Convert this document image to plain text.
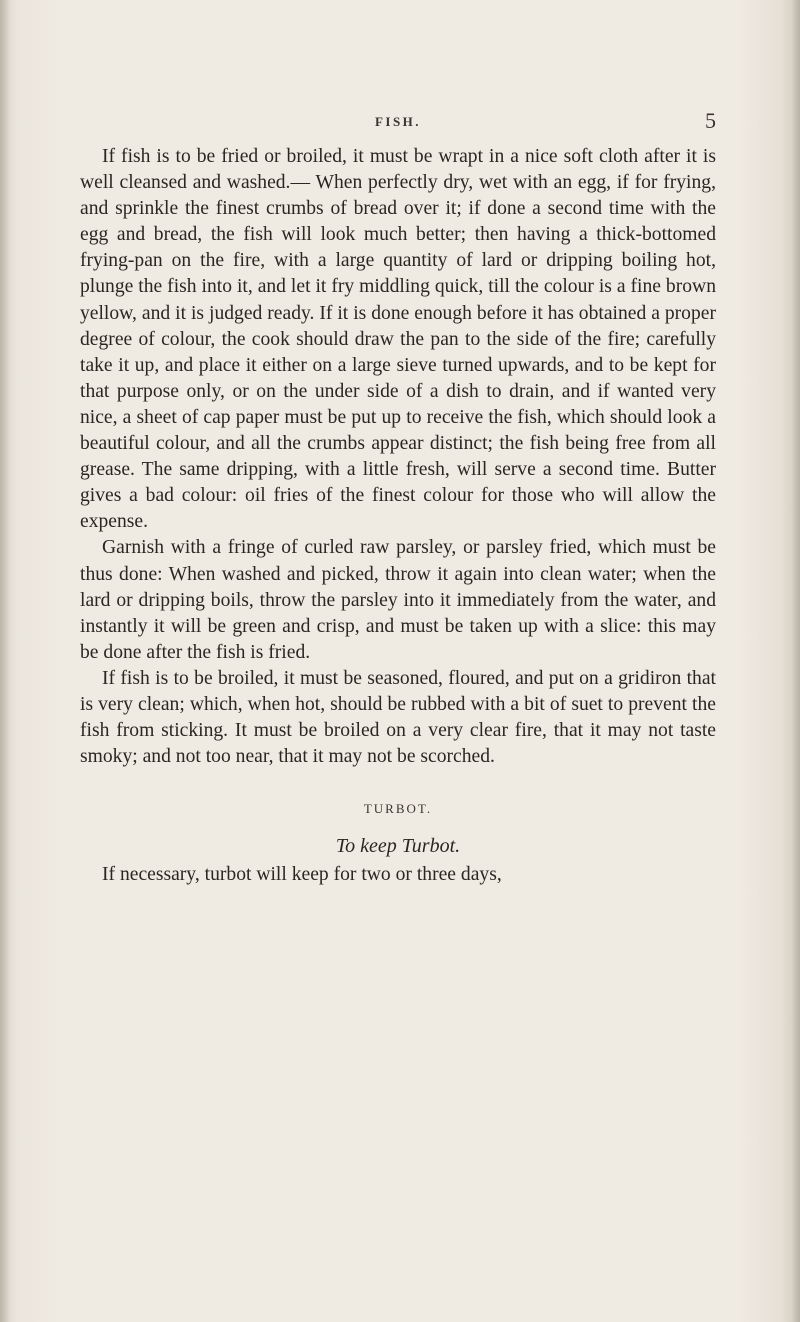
FISH.	5

If fish is to be fried or broiled, it must be wrapt in a nice soft cloth after it is well cleansed and washed.— When perfectly dry, wet with an egg, if for frying, and sprinkle the finest crumbs of bread over it; if done a second time with the egg and bread, the fish will look much better; then having a thick-bottomed frying-pan on the fire, with a large quantity of lard or dripping boiling hot, plunge the fish into it, and let it fry middling quick, till the colour is a fine brown yellow, and it is judged ready. If it is done enough before it has obtained a proper degree of colour, the cook should draw the pan to the side of the fire; carefully take it up, and place it either on a large sieve turned upwards, and to be kept for that purpose only, or on the under side of a dish to drain, and if wanted very nice, a sheet of cap paper must be put up to receive the fish, which should look a beautiful colour, and all the crumbs appear distinct; the fish being free from all grease. The same dripping, with a little fresh, will serve a second time. Butter gives a bad colour: oil fries of the finest colour for those who will allow the expense.

Garnish with a fringe of curled raw parsley, or parsley fried, which must be thus done: When washed and picked, throw it again into clean water; when the lard or dripping boils, throw the parsley into it immediately from the water, and instantly it will be green and crisp, and must be taken up with a slice: this may be done after the fish is fried.

If fish is to be broiled, it must be seasoned, floured, and put on a gridiron that is very clean; which, when hot, should be rubbed with a bit of suet to prevent the fish from sticking. It must be broiled on a very clear fire, that it may not taste smoky; and not too near, that it may not be scorched.

TURBOT.
To keep Turbot.

If necessary, turbot will keep for two or three days,
